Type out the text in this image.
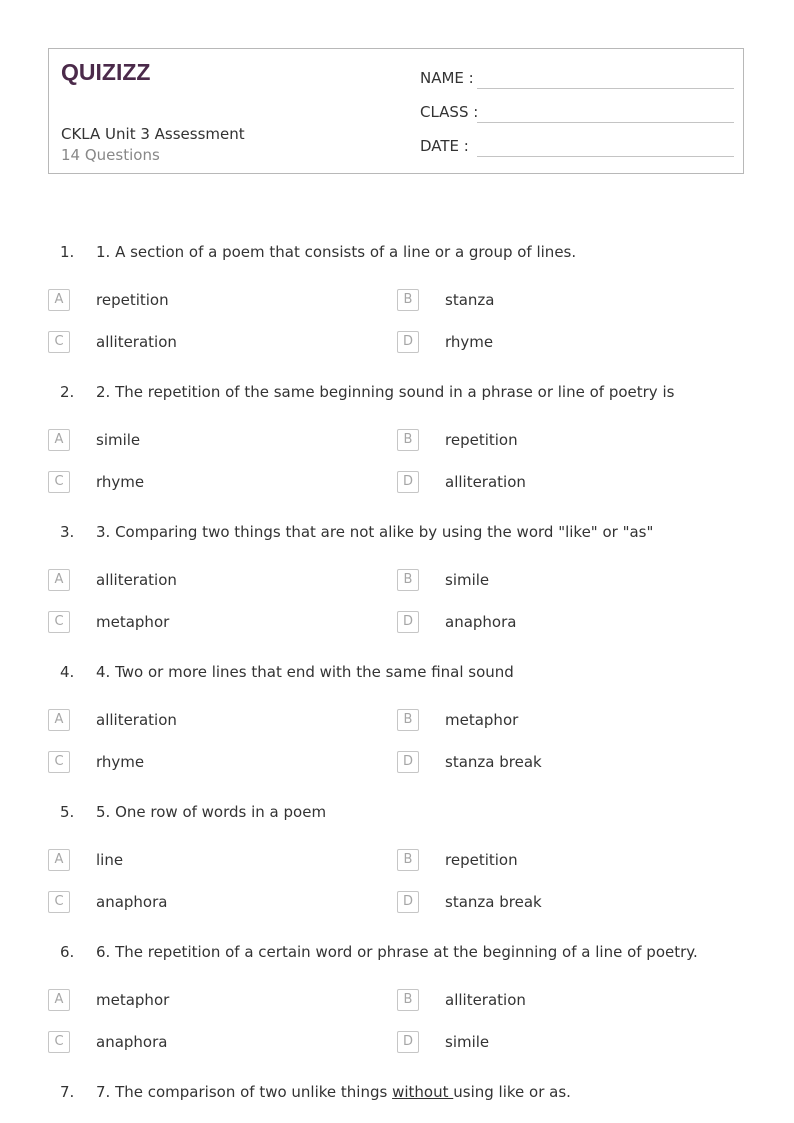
QUIZIZZ
CKLA Unit 3 Assessment
14 Questions
NAME :
CLASS :
DATE :
1. 1. A section of a poem that consists of a line or a group of lines.
A	repetition	B	stanza
C	alliteration	D	rhyme
2. 2. The repetition of the same beginning sound in a phrase or line of poetry is
A	simile	B	repetition
C	rhyme	D	alliteration
3. 3. Comparing two things that are not alike by using the word "like" or "as"
A	alliteration	B	simile
C	metaphor	D	anaphora
4. 4. Two or more lines that end with the same final sound
A	alliteration	B	metaphor
C	rhyme	D	stanza break
5. 5. One row of words in a poem
A	line	B	repetition
C	anaphora	D	stanza break
6. 6. The repetition of a certain word or phrase at the beginning of a line of poetry.
A	metaphor	B	alliteration
C	anaphora	D	simile
7. 7. The comparison of two unlike things without using like or as.
